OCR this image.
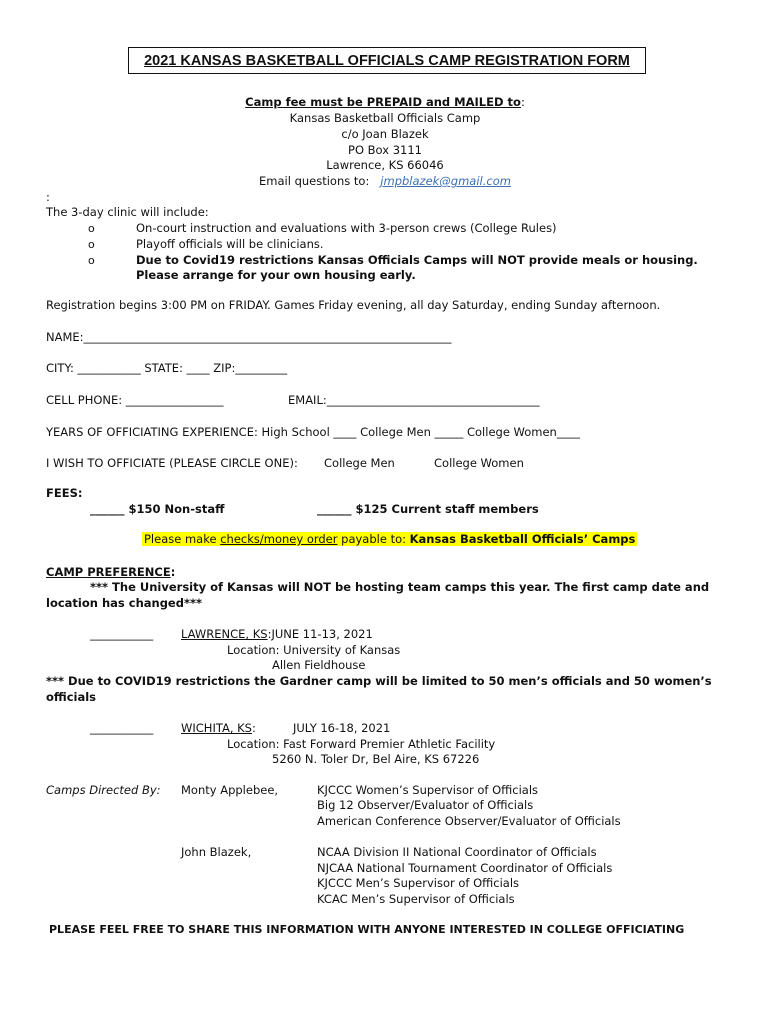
2021 KANSAS BASKETBALL OFFICIALS CAMP REGISTRATION FORM
Camp fee must be PREPAID and MAILED to:
Kansas Basketball Officials Camp
c/o Joan Blazek
PO Box 3111
Lawrence, KS 66046
Email questions to: jmpblazek@gmail.com
:
The 3-day clinic will include:
o	On-court instruction and evaluations with 3-person crews (College Rules)
o	Playoff officials will be clinicians.
o	Due to Covid19 restrictions Kansas Officials Camps will NOT provide meals or housing.
Please arrange for your own housing early.
Registration begins 3:00 PM on FRIDAY. Games Friday evening, all day Saturday, ending Sunday afternoon.
NAME:________________________________________________________________
CITY: ___________ STATE: ____ ZIP:_________
CELL PHONE: _________________	EMAIL:_____________________________________
YEARS OF OFFICIATING EXPERIENCE: High School ____ College Men _____ College Women____
I WISH TO OFFICIATE (PLEASE CIRCLE ONE): College Men	College Women
FEES:
______ $150 Non-staff	______ $125 Current staff members
Please make checks/money order payable to: Kansas Basketball Officials’ Camps
CAMP PREFERENCE:
*** The University of Kansas will NOT be hosting team camps this year. The first camp date and
location has changed***
___________ LAWRENCE, KS:JUNE 11-13, 2021
Location: University of Kansas
Allen Fieldhouse
*** Due to COVID19 restrictions the Gardner camp will be limited to 50 men’s officials and 50 women’s
officials
___________ WICHITA, KS:	JULY 16-18, 2021
Location: Fast Forward Premier Athletic Facility
5260 N. Toler Dr, Bel Aire, KS 67226
Camps Directed By: Monty Applebee,	KJCCC Women’s Supervisor of Officials
Big 12 Observer/Evaluator of Officials
American Conference Observer/Evaluator of Officials
John Blazek,	NCAA Division II National Coordinator of Officials
NJCAA National Tournament Coordinator of Officials
KJCCC Men’s Supervisor of Officials
KCAC Men’s Supervisor of Officials
PLEASE FEEL FREE TO SHARE THIS INFORMATION WITH ANYONE INTERESTED IN COLLEGE OFFICIATING
